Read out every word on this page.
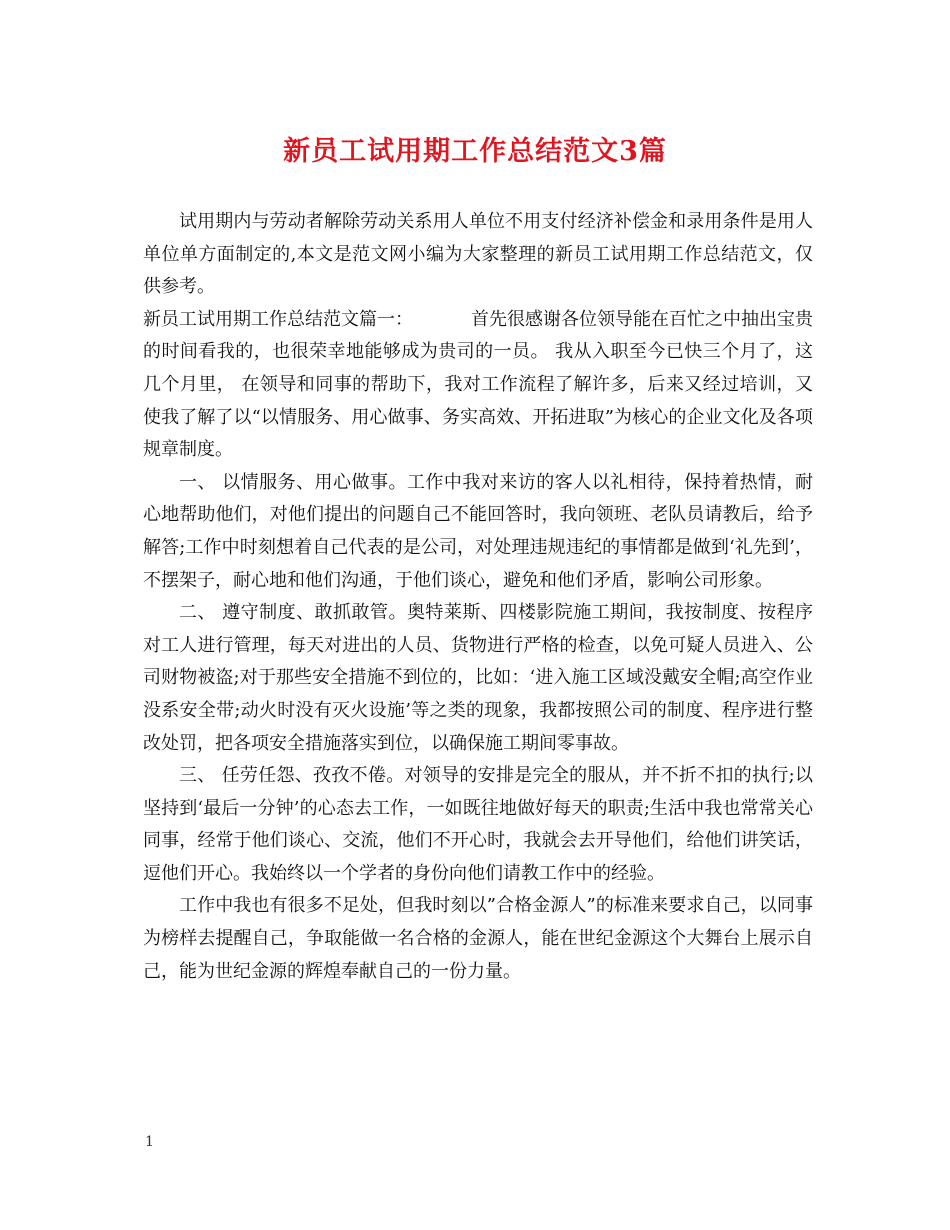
新员工试用期工作总结范文3篇

试用期内与劳动者解除劳动关系用人单位不用支付经济补偿金和录用条件是用人单位单方面制定的,本文是范文网小编为大家整理的新员工试用期工作总结范文，仅供参考。

新员工试用期工作总结范文篇一：	首先很感谢各位领导能在百忙之中抽出宝贵的时间看我的，也很荣幸地能够成为贵司的一员。 我从入职至今已快三个月了，这几个月里， 在领导和同事的帮助下，我对工作流程了解许多，后来又经过培训，又使我了解了以“以情服务、用心做事、务实高效、开拓进取”为核心的企业文化及各项规章制度。

一、 以情服务、用心做事。工作中我对来访的客人以礼相待，保持着热情，耐心地帮助他们，对他们提出的问题自己不能回答时，我向领班、老队员请教后，给予解答;工作中时刻想着自己代表的是公司，对处理违规违纪的事情都是做到‘礼先到’，不摆架子，耐心地和他们沟通，于他们谈心，避免和他们矛盾，影响公司形象。

二、 遵守制度、敢抓敢管。奥特莱斯、四楼影院施工期间，我按制度、按程序对工人进行管理，每天对进出的人员、货物进行严格的检查，以免可疑人员进入、公司财物被盗;对于那些安全措施不到位的，比如：‘进入施工区域没戴安全帽;高空作业没系安全带;动火时没有灭火设施’等之类的现象，我都按照公司的制度、程序进行整改处罚，把各项安全措施落实到位，以确保施工期间零事故。

三、 任劳任怨、孜孜不倦。对领导的安排是完全的服从，并不折不扣的执行;以坚持到‘最后一分钟’的心态去工作，一如既往地做好每天的职责;生活中我也常常关心同事，经常于他们谈心、交流，他们不开心时，我就会去开导他们，给他们讲笑话，逗他们开心。我始终以一个学者的身份向他们请教工作中的经验。

工作中我也有很多不足处，但我时刻以”合格金源人”的标准来要求自己，以同事为榜样去提醒自己，争取能做一名合格的金源人，能在世纪金源这个大舞台上展示自己，能为世纪金源的辉煌奉献自己的一份力量。

1
